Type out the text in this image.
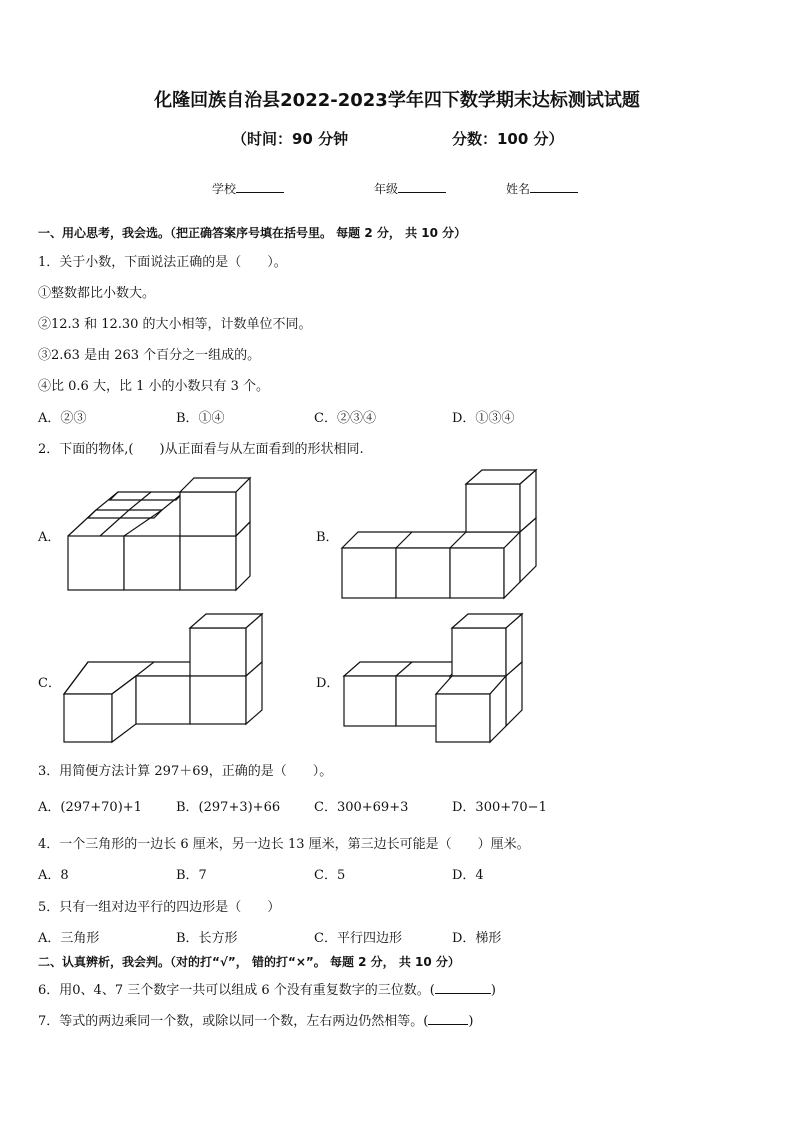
化隆回族自治县2022-2023学年四下数学期末达标测试试题
（时间：90 分钟	分数：100 分）
学校	年级	姓名
一、用心思考，我会选。（把正确答案序号填在括号里。 每题 2 分， 共 10 分）
1．关于小数，下面说法正确的是（　　）。
①整数都比小数大。
②12.3 和 12.30 的大小相等，计数单位不同。
③2.63 是由 263 个百分之一组成的。
④比 0.6 大，比 1 小的小数只有 3 个。
A．②③	B．①④	C．②③④	D．①③④
2．下面的物体,(　　)从正面看与从左面看到的形状相同.
A．	B．
C．	D．
3．用简便方法计算 297＋69，正确的是（　　）。
A．(297+70)+1	B．(297+3)+66	C．300+69+3	D．300+70−1
4．一个三角形的一边长 6 厘米，另一边长 13 厘米，第三边长可能是（　　）厘米。
A．8	B．7	C．5	D．4
5．只有一组对边平行的四边形是（　　）
A．三角形	B．长方形	C．平行四边形	D．梯形
二、认真辨析，我会判。（对的打“√”， 错的打“×”。 每题 2 分， 共 10 分）
6．用0、4、7 三个数字一共可以组成 6 个没有重复数字的三位数。(	)
7．等式的两边乘同一个数，或除以同一个数，左右两边仍然相等。(	)
